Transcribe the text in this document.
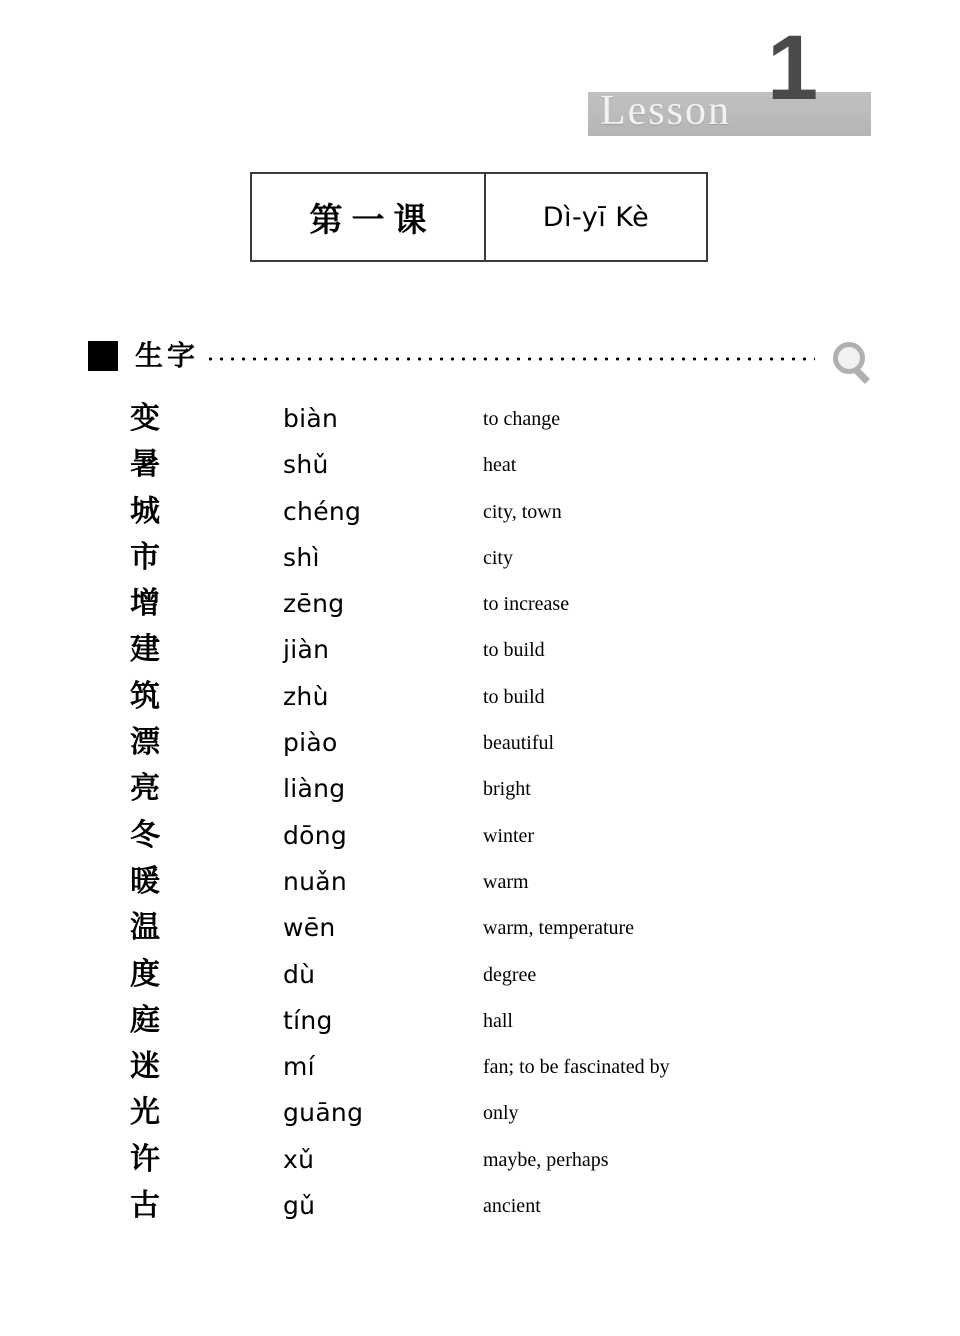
Lesson 1
第一课	Dì-yī Kè
生字
变	biàn	to change
暑	shǔ	heat
城	chéng	city, town
市	shì	city
增	zēng	to increase
建	jiàn	to build
筑	zhù	to build
漂	piào	beautiful
亮	liàng	bright
冬	dōng	winter
暖	nuǎn	warm
温	wēn	warm, temperature
度	dù	degree
庭	tíng	hall
迷	mí	fan; to be fascinated by
光	guāng	only
许	xǔ	maybe, perhaps
古	gǔ	ancient
